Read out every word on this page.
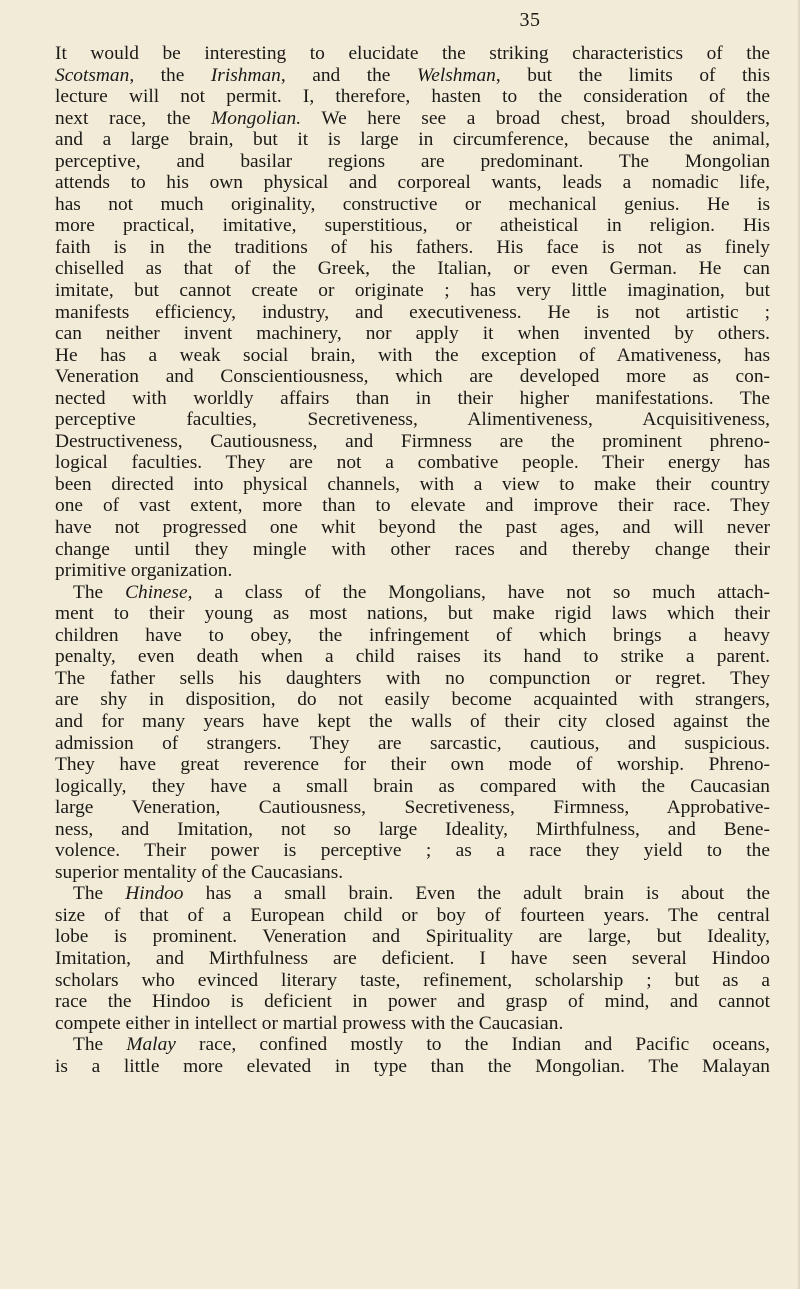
35
It would be interesting to elucidate the striking characteristics of the
Scotsman, the Irishman, and the Welshman, but the limits of this
lecture will not permit. I, therefore, hasten to the consideration of the
next race, the Mongolian. We here see a broad chest, broad shoulders,
and a large brain, but it is large in circumference, because the animal,
perceptive, and basilar regions are predominant. The Mongolian
attends to his own physical and corporeal wants, leads a nomadic life,
has not much originality, constructive or mechanical genius. He is
more practical, imitative, superstitious, or atheistical in religion. His
faith is in the traditions of his fathers. His face is not as finely
chiselled as that of the Greek, the Italian, or even German. He can
imitate, but cannot create or originate ; has very little imagination, but
manifests efficiency, industry, and executiveness. He is not artistic ;
can neither invent machinery, nor apply it when invented by others.
He has a weak social brain, with the exception of Amativeness, has
Veneration and Conscientiousness, which are developed more as con-
nected with worldly affairs than in their higher manifestations. The
perceptive faculties, Secretiveness, Alimentiveness, Acquisitiveness,
Destructiveness, Cautiousness, and Firmness are the prominent phreno-
logical faculties. They are not a combative people. Their energy has
been directed into physical channels, with a view to make their country
one of vast extent, more than to elevate and improve their race. They
have not progressed one whit beyond the past ages, and will never
change until they mingle with other races and thereby change their
primitive organization.
The Chinese, a class of the Mongolians, have not so much attach-
ment to their young as most nations, but make rigid laws which their
children have to obey, the infringement of which brings a heavy
penalty, even death when a child raises its hand to strike a parent.
The father sells his daughters with no compunction or regret. They
are shy in disposition, do not easily become acquainted with strangers,
and for many years have kept the walls of their city closed against the
admission of strangers. They are sarcastic, cautious, and suspicious.
They have great reverence for their own mode of worship. Phreno-
logically, they have a small brain as compared with the Caucasian
large Veneration, Cautiousness, Secretiveness, Firmness, Approbative-
ness, and Imitation, not so large Ideality, Mirthfulness, and Bene-
volence. Their power is perceptive ; as a race they yield to the
superior mentality of the Caucasians.
The Hindoo has a small brain. Even the adult brain is about the
size of that of a European child or boy of fourteen years. The central
lobe is prominent. Veneration and Spirituality are large, but Ideality,
Imitation, and Mirthfulness are deficient. I have seen several Hindoo
scholars who evinced literary taste, refinement, scholarship ; but as a
race the Hindoo is deficient in power and grasp of mind, and cannot
compete either in intellect or martial prowess with the Caucasian.
The Malay race, confined mostly to the Indian and Pacific oceans,
is a little more elevated in type than the Mongolian. The Malayan
